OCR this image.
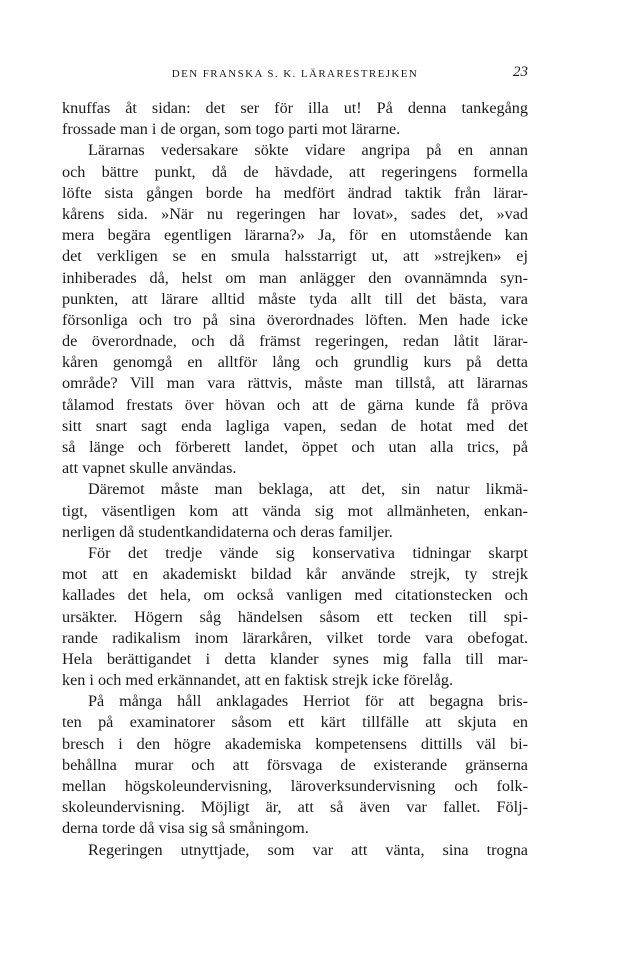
DEN FRANSKA S. K. LÄRARESTREJKEN	23
knuffas åt sidan: det ser för illa ut! På denna tankegång
frossade man i de organ, som togo parti mot lärarne.
Lärarnas vedersakare sökte vidare angripa på en annan
och bättre punkt, då de hävdade, att regeringens formella
löfte sista gången borde ha medfört ändrad taktik från lärar-
kårens sida. »När nu regeringen har lovat», sades det, »vad
mera begära egentligen lärarna?» Ja, för en utomstående kan
det verkligen se en smula halsstarrigt ut, att »strejken» ej
inhiberades då, helst om man anlägger den ovannämnda syn-
punkten, att lärare alltid måste tyda allt till det bästa, vara
försonliga och tro på sina överordnades löften. Men hade icke
de överordnade, och då främst regeringen, redan låtit lärar-
kåren genomgå en alltför lång och grundlig kurs på detta
område? Vill man vara rättvis, måste man tillstå, att lärarnas
tålamod frestats över hövan och att de gärna kunde få pröva
sitt snart sagt enda lagliga vapen, sedan de hotat med det
så länge och förberett landet, öppet och utan alla trics, på
att vapnet skulle användas.
Däremot måste man beklaga, att det, sin natur likmä-
tigt, väsentligen kom att vända sig mot allmänheten, enkan-
nerligen då studentkandidaterna och deras familjer.
För det tredje vände sig konservativa tidningar skarpt
mot att en akademiskt bildad kår använde strejk, ty strejk
kallades det hela, om också vanligen med citationstecken och
ursäkter. Högern såg händelsen såsom ett tecken till spi-
rande radikalism inom lärarkåren, vilket torde vara obefogat.
Hela berättigandet i detta klander synes mig falla till mar-
ken i och med erkännandet, att en faktisk strejk icke förelåg.
På många håll anklagades Herriot för att begagna bris-
ten på examinatorer såsom ett kärt tillfälle att skjuta en
bresch i den högre akademiska kompetensens dittills väl bi-
behållna murar och att försvaga de existerande gränserna
mellan högskoleundervisning, läroverksundervisning och folk-
skoleundervisning. Möjligt är, att så även var fallet. Följ-
derna torde då visa sig så småningom.
Regeringen utnyttjade, som var att vänta, sina trogna
